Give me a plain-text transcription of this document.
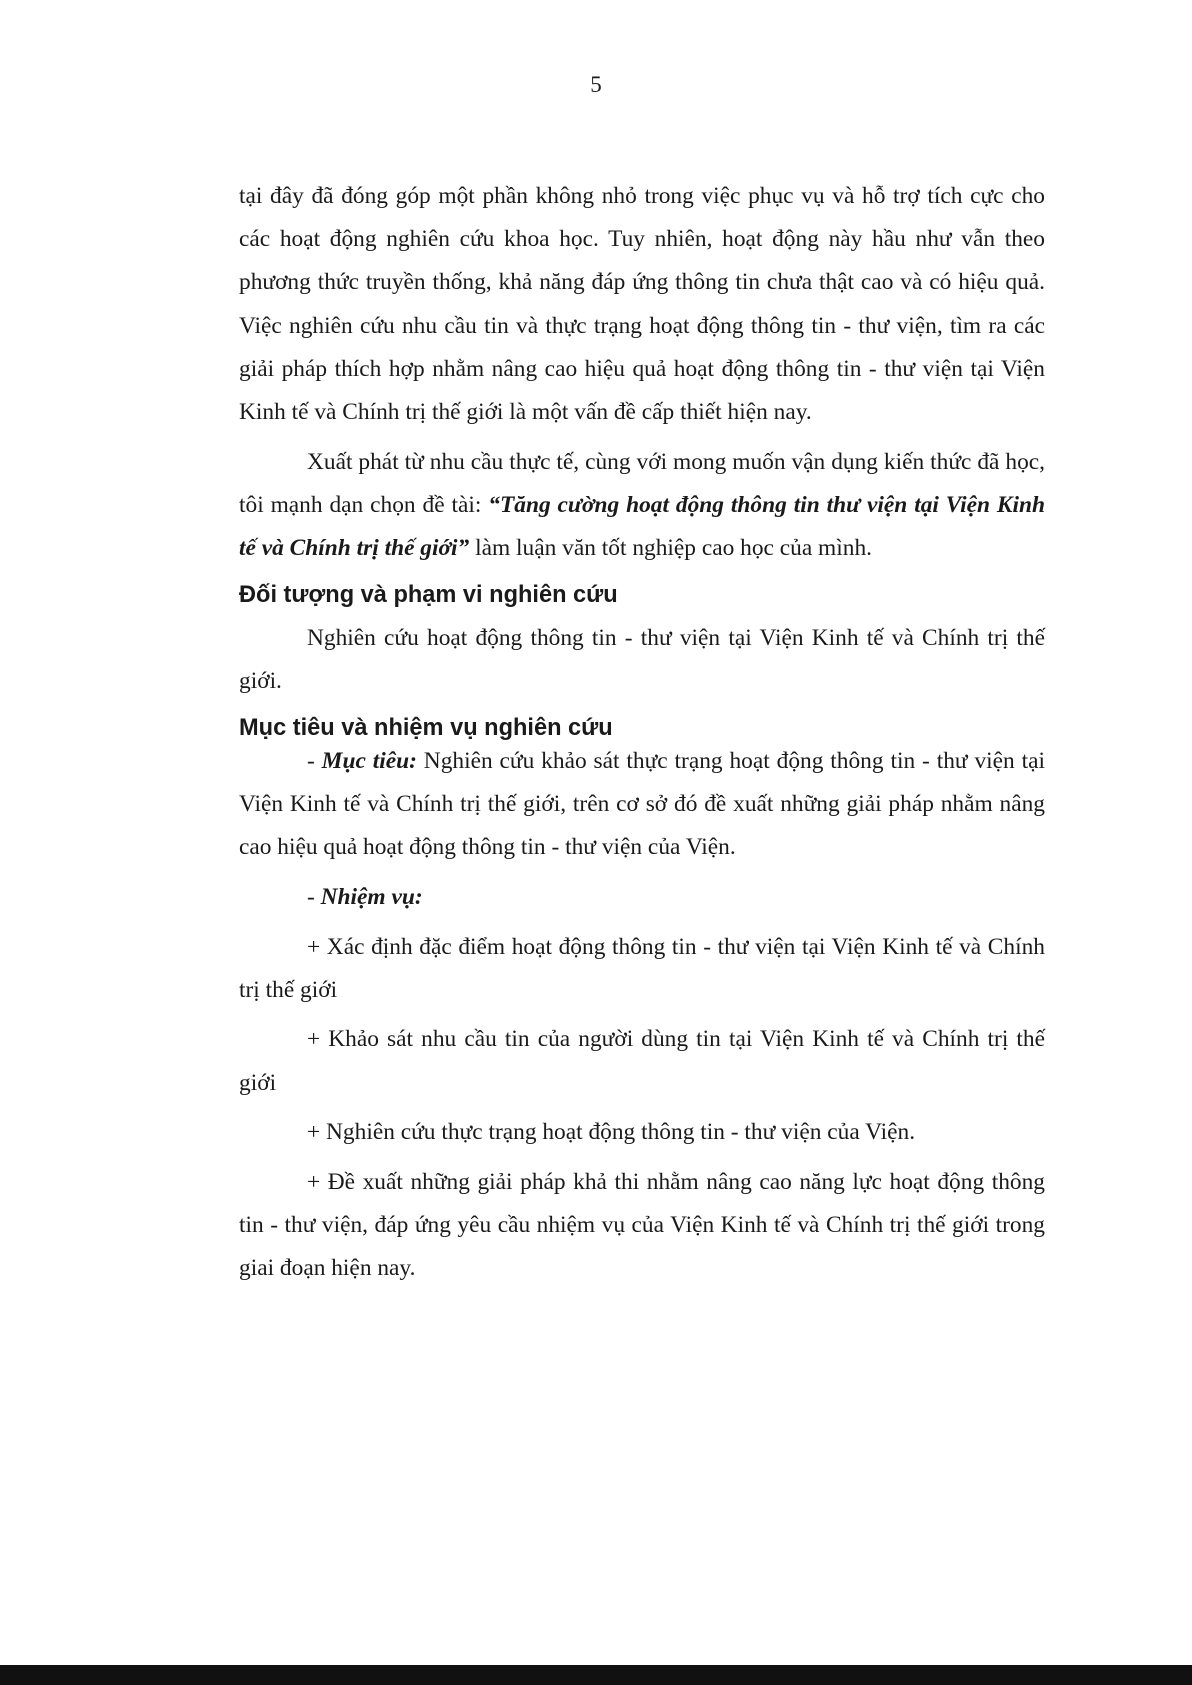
5

tại đây đã đóng góp một phần không nhỏ trong việc phục vụ và hỗ trợ tích cực cho các hoạt động nghiên cứu khoa học. Tuy nhiên, hoạt động này hầu như vẫn theo phương thức truyền thống, khả năng đáp ứng thông tin chưa thật cao và có hiệu quả. Việc nghiên cứu nhu cầu tin và thực trạng hoạt động thông tin - thư viện, tìm ra các giải pháp thích hợp nhằm nâng cao hiệu quả hoạt động thông tin - thư viện tại Viện Kinh tế và Chính trị thế giới là một vấn đề cấp thiết hiện nay.

Xuất phát từ nhu cầu thực tế, cùng với mong muốn vận dụng kiến thức đã học, tôi mạnh dạn chọn đề tài: “Tăng cường hoạt động thông tin thư viện tại Viện Kinh tế và Chính trị thế giới” làm luận văn tốt nghiệp cao học của mình.

Đối tượng và phạm vi nghiên cứu

Nghiên cứu hoạt động thông tin - thư viện tại Viện Kinh tế và Chính trị thế giới.

Mục tiêu và nhiệm vụ nghiên cứu

- Mục tiêu: Nghiên cứu khảo sát thực trạng hoạt động thông tin - thư viện tại Viện Kinh tế và Chính trị thế giới, trên cơ sở đó đề xuất những giải pháp nhằm nâng cao hiệu quả hoạt động thông tin - thư viện của Viện.

- Nhiệm vụ:

+ Xác định đặc điểm hoạt động thông tin - thư viện tại Viện Kinh tế và Chính trị thế giới

+ Khảo sát nhu cầu tin của người dùng tin tại Viện Kinh tế và Chính trị thế giới

+ Nghiên cứu thực trạng hoạt động thông tin - thư viện của Viện.

+ Đề xuất những giải pháp khả thi nhằm nâng cao năng lực hoạt động thông tin - thư viện, đáp ứng yêu cầu nhiệm vụ của Viện Kinh tế và Chính trị thế giới trong giai đoạn hiện nay.
